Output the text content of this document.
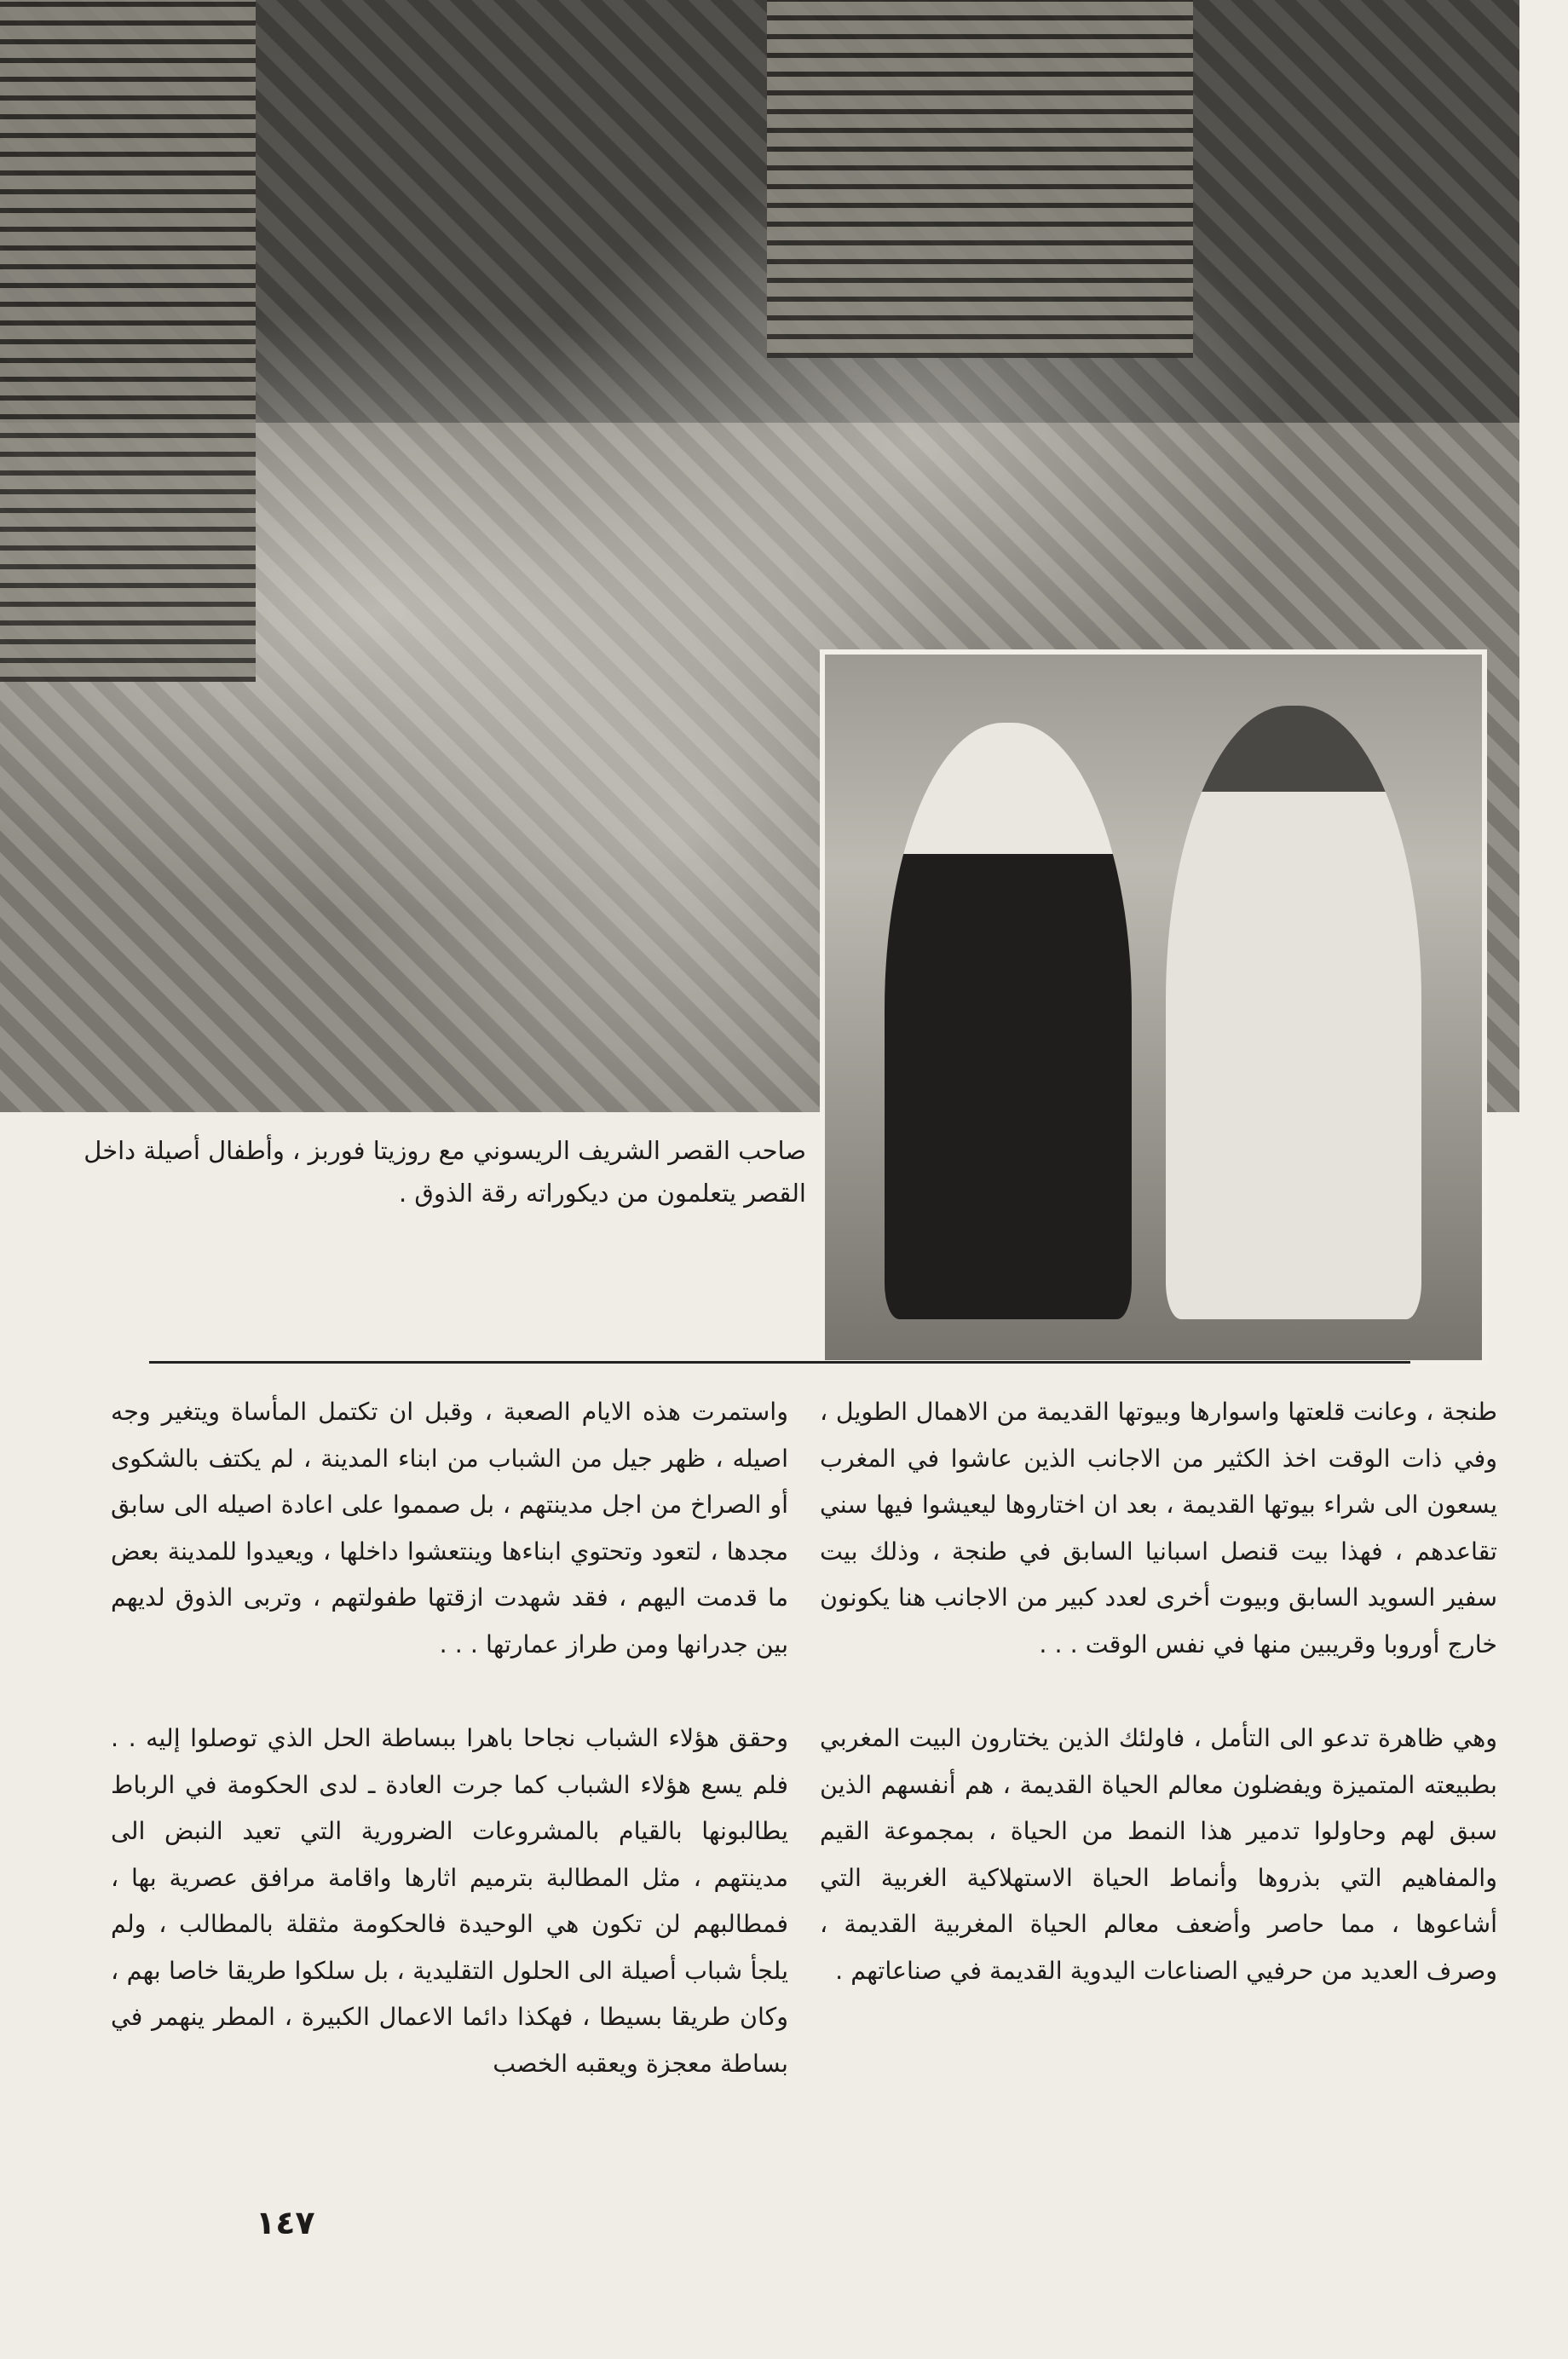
صاحب القصر الشريف الريسوني مع روزيتا فوربز ، وأطفال أصيلة داخل القصر يتعلمون من ديكوراته رقة الذوق .

طنجة ، وعانت قلعتها واسوارها وبيوتها القديمة من الاهمال الطويل ، وفي ذات الوقت اخذ الكثير من الاجانب الذين عاشوا في المغرب يسعون الى شراء بيوتها القديمة ، بعد ان اختاروها ليعيشوا فيها سني تقاعدهم ، فهذا بيت قنصل اسبانيا السابق في طنجة ، وذلك بيت سفير السويد السابق وبيوت أخرى لعدد كبير من الاجانب هنا يكونون خارج أوروبا وقريبين منها في نفس الوقت . . .

وهي ظاهرة تدعو الى التأمل ، فاولئك الذين يختارون البيت المغربي بطبيعته المتميزة ويفضلون معالم الحياة القديمة ، هم أنفسهم الذين سبق لهم وحاولوا تدمير هذا النمط من الحياة ، بمجموعة القيم والمفاهيم التي بذروها وأنماط الحياة الاستهلاكية الغربية التي أشاعوها ، مما حاصر وأضعف معالم الحياة المغربية القديمة ، وصرف العديد من حرفيي الصناعات اليدوية القديمة في صناعاتهم .

واستمرت هذه الايام الصعبة ، وقبل ان تكتمل المأساة ويتغير وجه اصيله ، ظهر جيل من الشباب من ابناء المدينة ، لم يكتف بالشكوى أو الصراخ من اجل مدينتهم ، بل صمموا على اعادة اصيله الى سابق مجدها ، لتعود وتحتوي ابناءها وينتعشوا داخلها ، ويعيدوا للمدينة بعض ما قدمت اليهم ، فقد شهدت ازقتها طفولتهم ، وتربى الذوق لديهم بين جدرانها ومن طراز عمارتها . . .

وحقق هؤلاء الشباب نجاحا باهرا ببساطة الحل الذي توصلوا إليه . . فلم يسع هؤلاء الشباب كما جرت العادة ـ لدى الحكومة في الرباط يطالبونها بالقيام بالمشروعات الضرورية التي تعيد النبض الى مدينتهم ، مثل المطالبة بترميم اثارها واقامة مرافق عصرية بها ، فمطالبهم لن تكون هي الوحيدة فالحكومة مثقلة بالمطالب ، ولم يلجأ شباب أصيلة الى الحلول التقليدية ، بل سلكوا طريقا خاصا بهم ، وكان طريقا بسيطا ، فهكذا دائما الاعمال الكبيرة ، المطر ينهمر في بساطة معجزة ويعقبه الخصب

١٤٧
